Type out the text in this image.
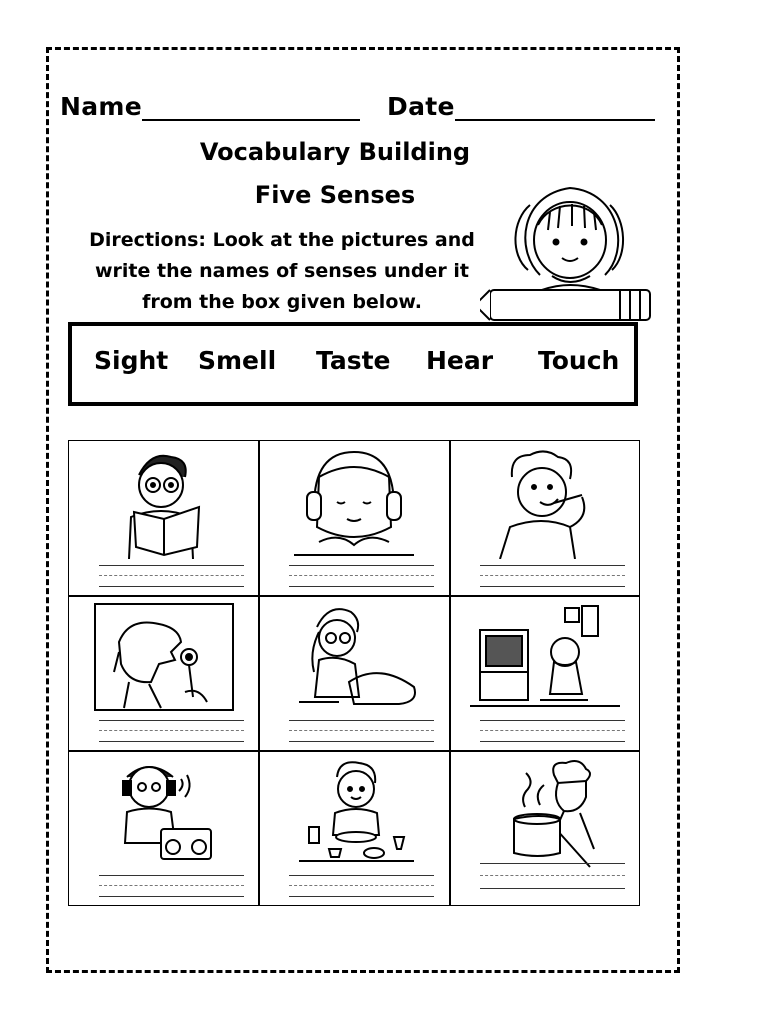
Name	Date
Vocabulary Building
Five Senses
Directions: Look at the pictures and
write the names of senses under it
from the box given below.
Sight Smell Taste Hear Touch
